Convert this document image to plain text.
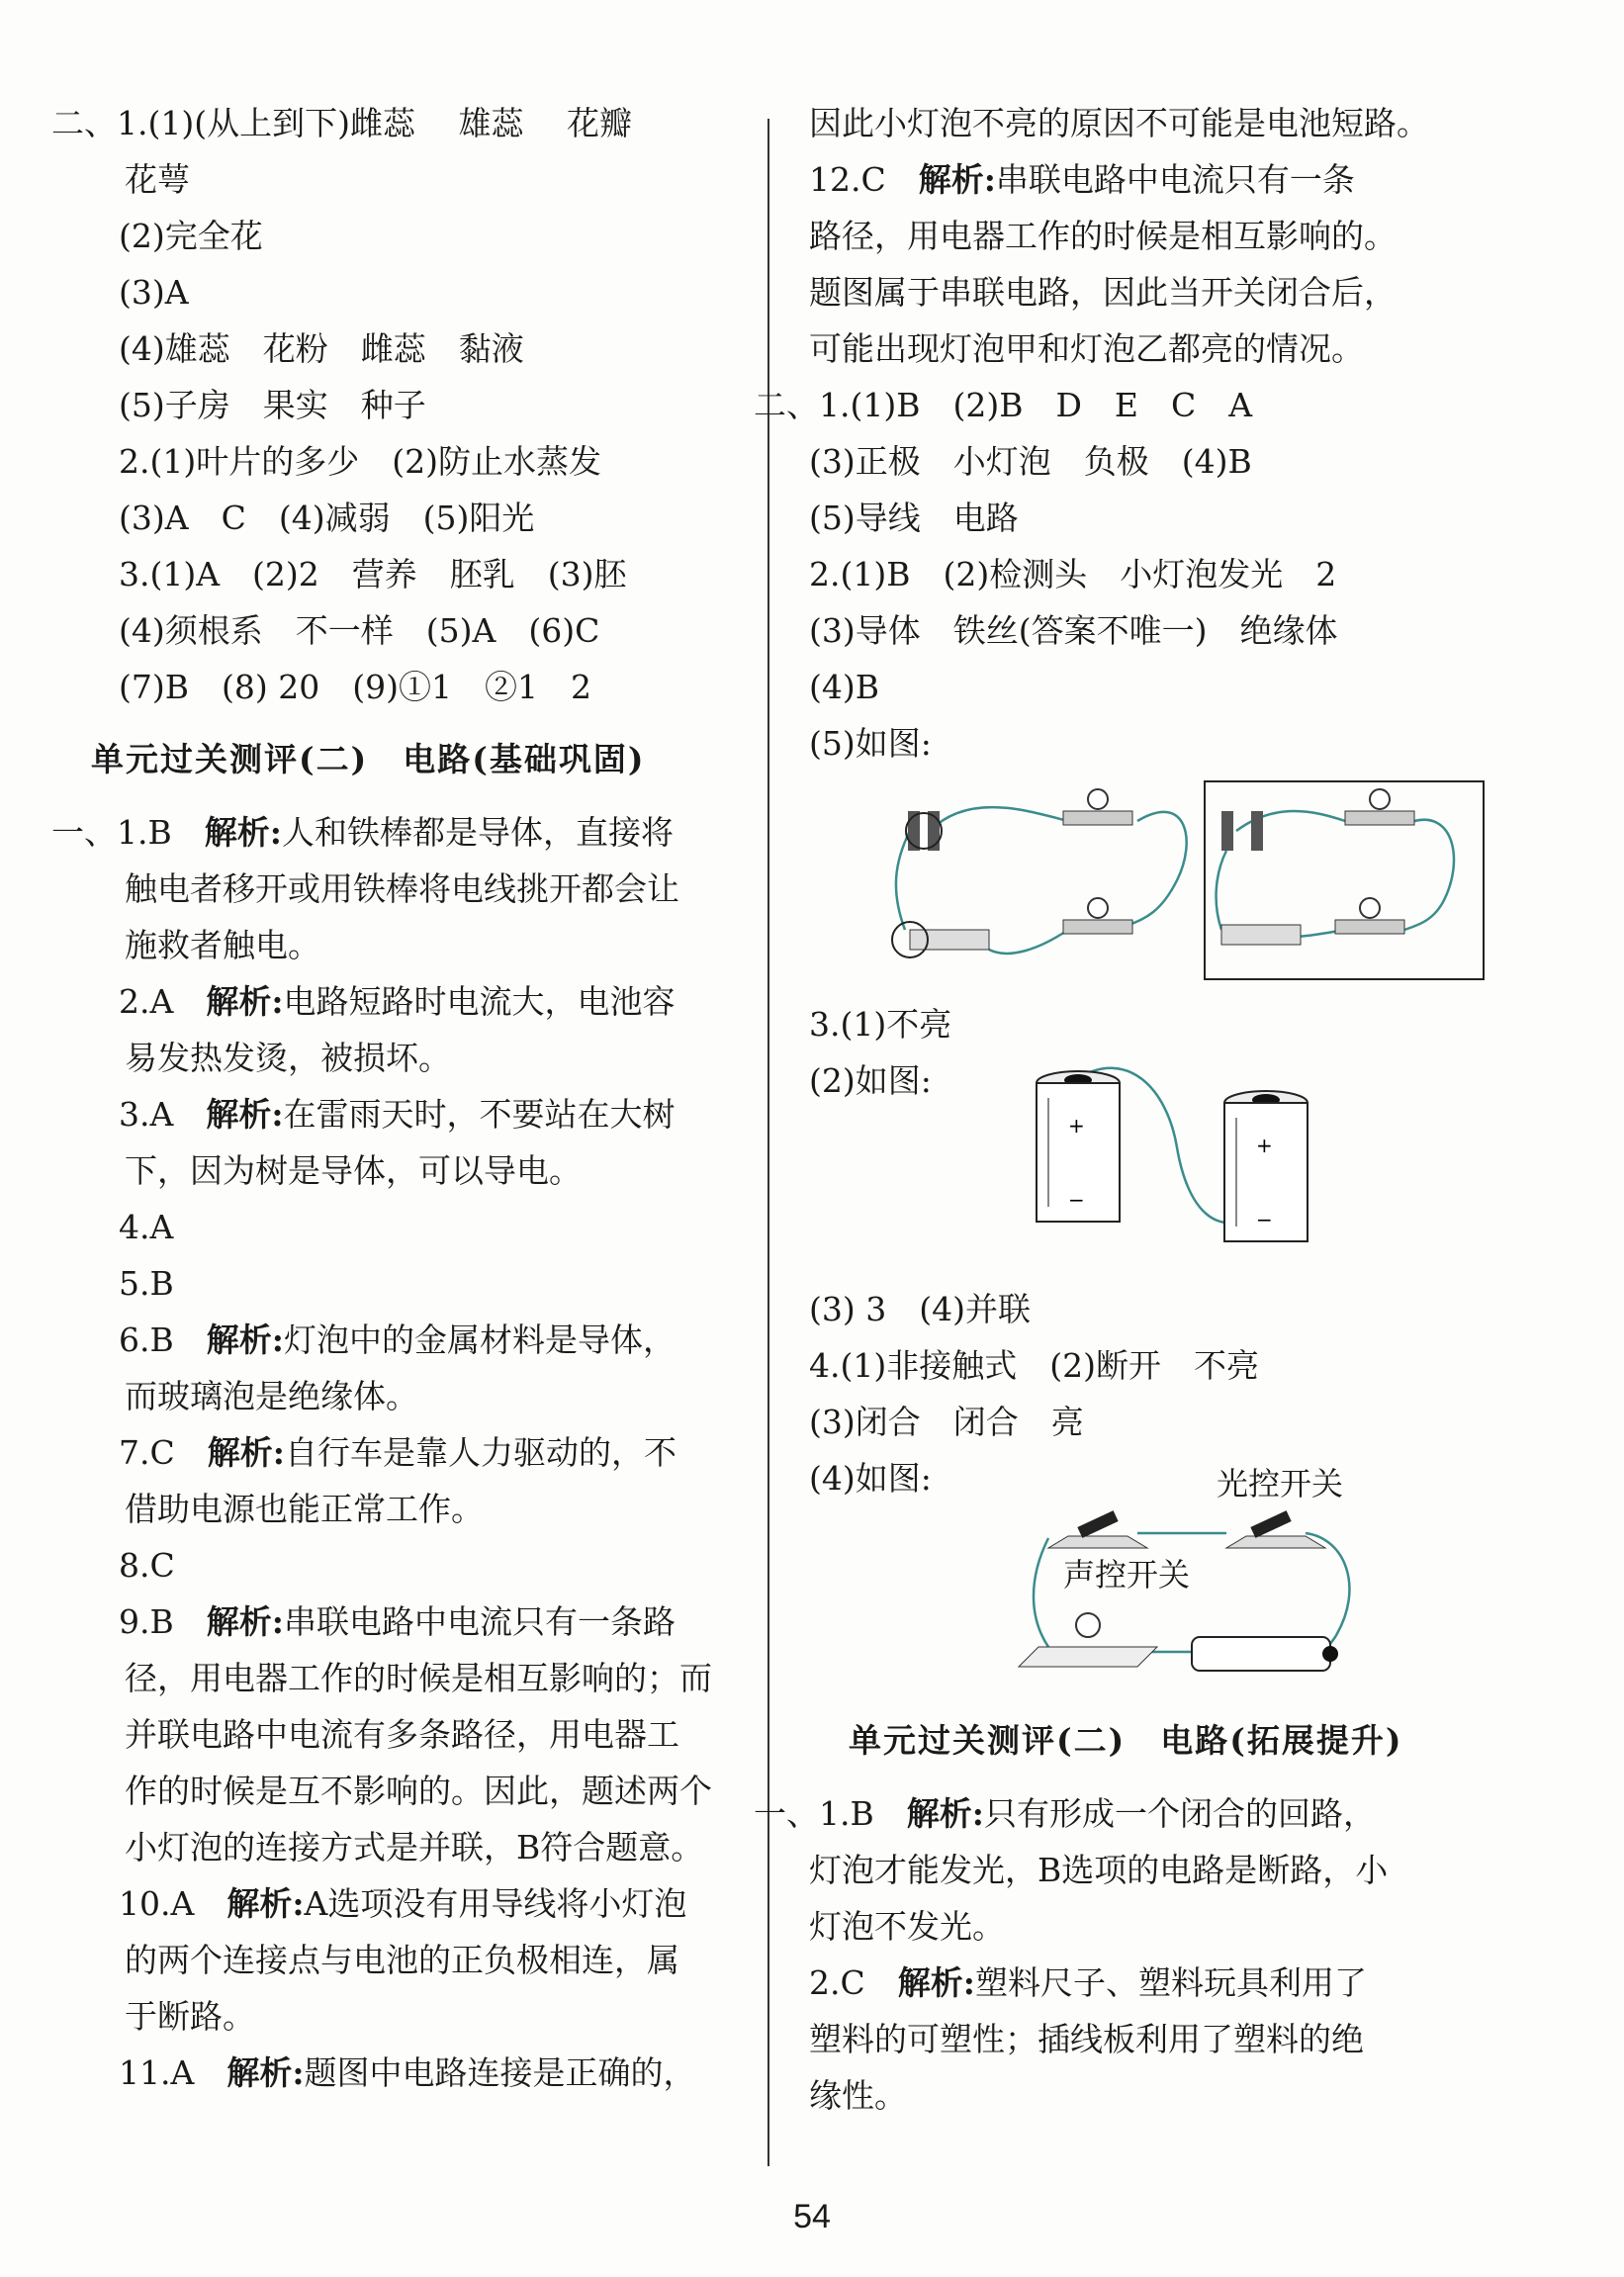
二、1.(1)(从上到下)雌蕊　 雄蕊　 花瓣
花萼
(2)完全花
(3)A
(4)雄蕊　花粉　雌蕊　黏液
(5)子房　果实　种子
2.(1)叶片的多少　(2)防止水蒸发
(3)A　C　(4)减弱　(5)阳光
3.(1)A　(2)2　营养　胚乳　(3)胚
(4)须根系　不一样　(5)A　(6)C
(7)B　(8) 20　(9)①1　②1　2
单元过关测评(二)　电路(基础巩固)
一、1.B　 解析:人和铁棒都是导体，直接将
触电者移开或用铁棒将电线挑开都会让
施救者触电。
2.A　 解析:电路短路时电流大，电池容
易发热发烫，被损坏。
3.A　 解析:在雷雨天时，不要站在大树
下，因为树是导体，可以导电。
4.A
5.B
6.B　 解析:灯泡中的金属材料是导体，
而玻璃泡是绝缘体。
7.C　 解析:自行车是靠人力驱动的，不
借助电源也能正常工作。
8.C
9.B　 解析:串联电路中电流只有一条路
径，用电器工作的时候是相互影响的；而
并联电路中电流有多条路径，用电器工
作的时候是互不影响的。因此，题述两个
小灯泡的连接方式是并联，B符合题意。
10.A　 解析:A选项没有用导线将小灯泡
的两个连接点与电池的正负极相连，属
于断路。
11.A　 解析:题图中电路连接是正确的，
因此小灯泡不亮的原因不可能是电池短路。
12.C　 解析:串联电路中电流只有一条
路径，用电器工作的时候是相互影响的。
题图属于串联电路，因此当开关闭合后，
可能出现灯泡甲和灯泡乙都亮的情况。
二、1.(1)B　(2)B　D　E　C　A
(3)正极　小灯泡　负极　(4)B
(5)导线　电路
2.(1)B　(2)检测头　小灯泡发光　2
(3)导体　铁丝(答案不唯一)　绝缘体
(4)B
(5)如图:
3.(1)不亮
(2)如图:
+
−
+
−
(3) 3　(4)并联
4.(1)非接触式　(2)断开　不亮
(3)闭合　闭合　亮
(4)如图:	光控开关
声控开关
单元过关测评(二)　电路(拓展提升)
一、1.B　 解析:只有形成一个闭合的回路，
灯泡才能发光，B选项的电路是断路，小
灯泡不发光。
2.C　 解析:塑料尺子、塑料玩具利用了
塑料的可塑性；插线板利用了塑料的绝
缘性。
54
